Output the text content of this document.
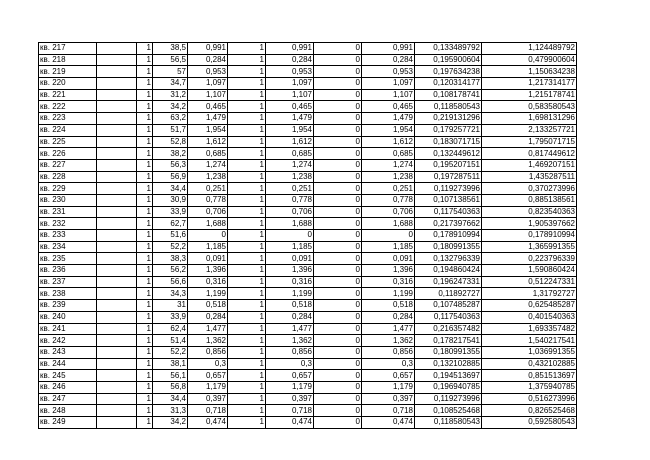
кв. 217		1	38,5	0,991	1	0,991	0	0,991	0,133489792	1,124489792
кв. 218		1	56,5	0,284	1	0,284	0	0,284	0,195900604	0,479900604
кв. 219		1	57	0,953	1	0,953	0	0,953	0,197634238	1,150634238
кв. 220		1	34,7	1,097	1	1,097	0	1,097	0,120314177	1,217314177
кв. 221		1	31,2	1,107	1	1,107	0	1,107	0,108178741	1,215178741
кв. 222		1	34,2	0,465	1	0,465	0	0,465	0,118580543	0,583580543
кв. 223		1	63,2	1,479	1	1,479	0	1,479	0,219131296	1,698131296
кв. 224		1	51,7	1,954	1	1,954	0	1,954	0,179257721	2,133257721
кв. 225		1	52,8	1,612	1	1,612	0	1,612	0,183071715	1,795071715
кв. 226		1	38,2	0,685	1	0,685	0	0,685	0,132449612	0,817449612
кв. 227		1	56,3	1,274	1	1,274	0	1,274	0,195207151	1,469207151
кв. 228		1	56,9	1,238	1	1,238	0	1,238	0,197287511	1,435287511
кв. 229		1	34,4	0,251	1	0,251	0	0,251	0,119273996	0,370273996
кв. 230		1	30,9	0,778	1	0,778	0	0,778	0,107138561	0,885138561
кв. 231		1	33,9	0,706	1	0,706	0	0,706	0,117540363	0,823540363
кв. 232		1	62,7	1,688	1	1,688	0	1,688	0,217397662	1,905397662
кв. 233		1	51,6	0	1	0	0	0	0,178910994	0,178910994
кв. 234		1	52,2	1,185	1	1,185	0	1,185	0,180991355	1,365991355
кв. 235		1	38,3	0,091	1	0,091	0	0,091	0,132796339	0,223796339
кв. 236		1	56,2	1,396	1	1,396	0	1,396	0,194860424	1,590860424
кв. 237		1	56,6	0,316	1	0,316	0	0,316	0,196247331	0,512247331
кв. 238		1	34,3	1,199	1	1,199	0	1,199	0,11892727	1,31792727
кв. 239		1	31	0,518	1	0,518	0	0,518	0,107485287	0,625485287
кв. 240		1	33,9	0,284	1	0,284	0	0,284	0,117540363	0,401540363
кв. 241		1	62,4	1,477	1	1,477	0	1,477	0,216357482	1,693357482
кв. 242		1	51,4	1,362	1	1,362	0	1,362	0,178217541	1,540217541
кв. 243		1	52,2	0,856	1	0,856	0	0,856	0,180991355	1,036991355
кв. 244		1	38,1	0,3	1	0,3	0	0,3	0,132102885	0,432102885
кв. 245		1	56,1	0,657	1	0,657	0	0,657	0,194513697	0,851513697
кв. 246		1	56,8	1,179	1	1,179	0	1,179	0,196940785	1,375940785
кв. 247		1	34,4	0,397	1	0,397	0	0,397	0,119273996	0,516273996
кв. 248		1	31,3	0,718	1	0,718	0	0,718	0,108525468	0,826525468
кв. 249		1	34,2	0,474	1	0,474	0	0,474	0,118580543	0,592580543
